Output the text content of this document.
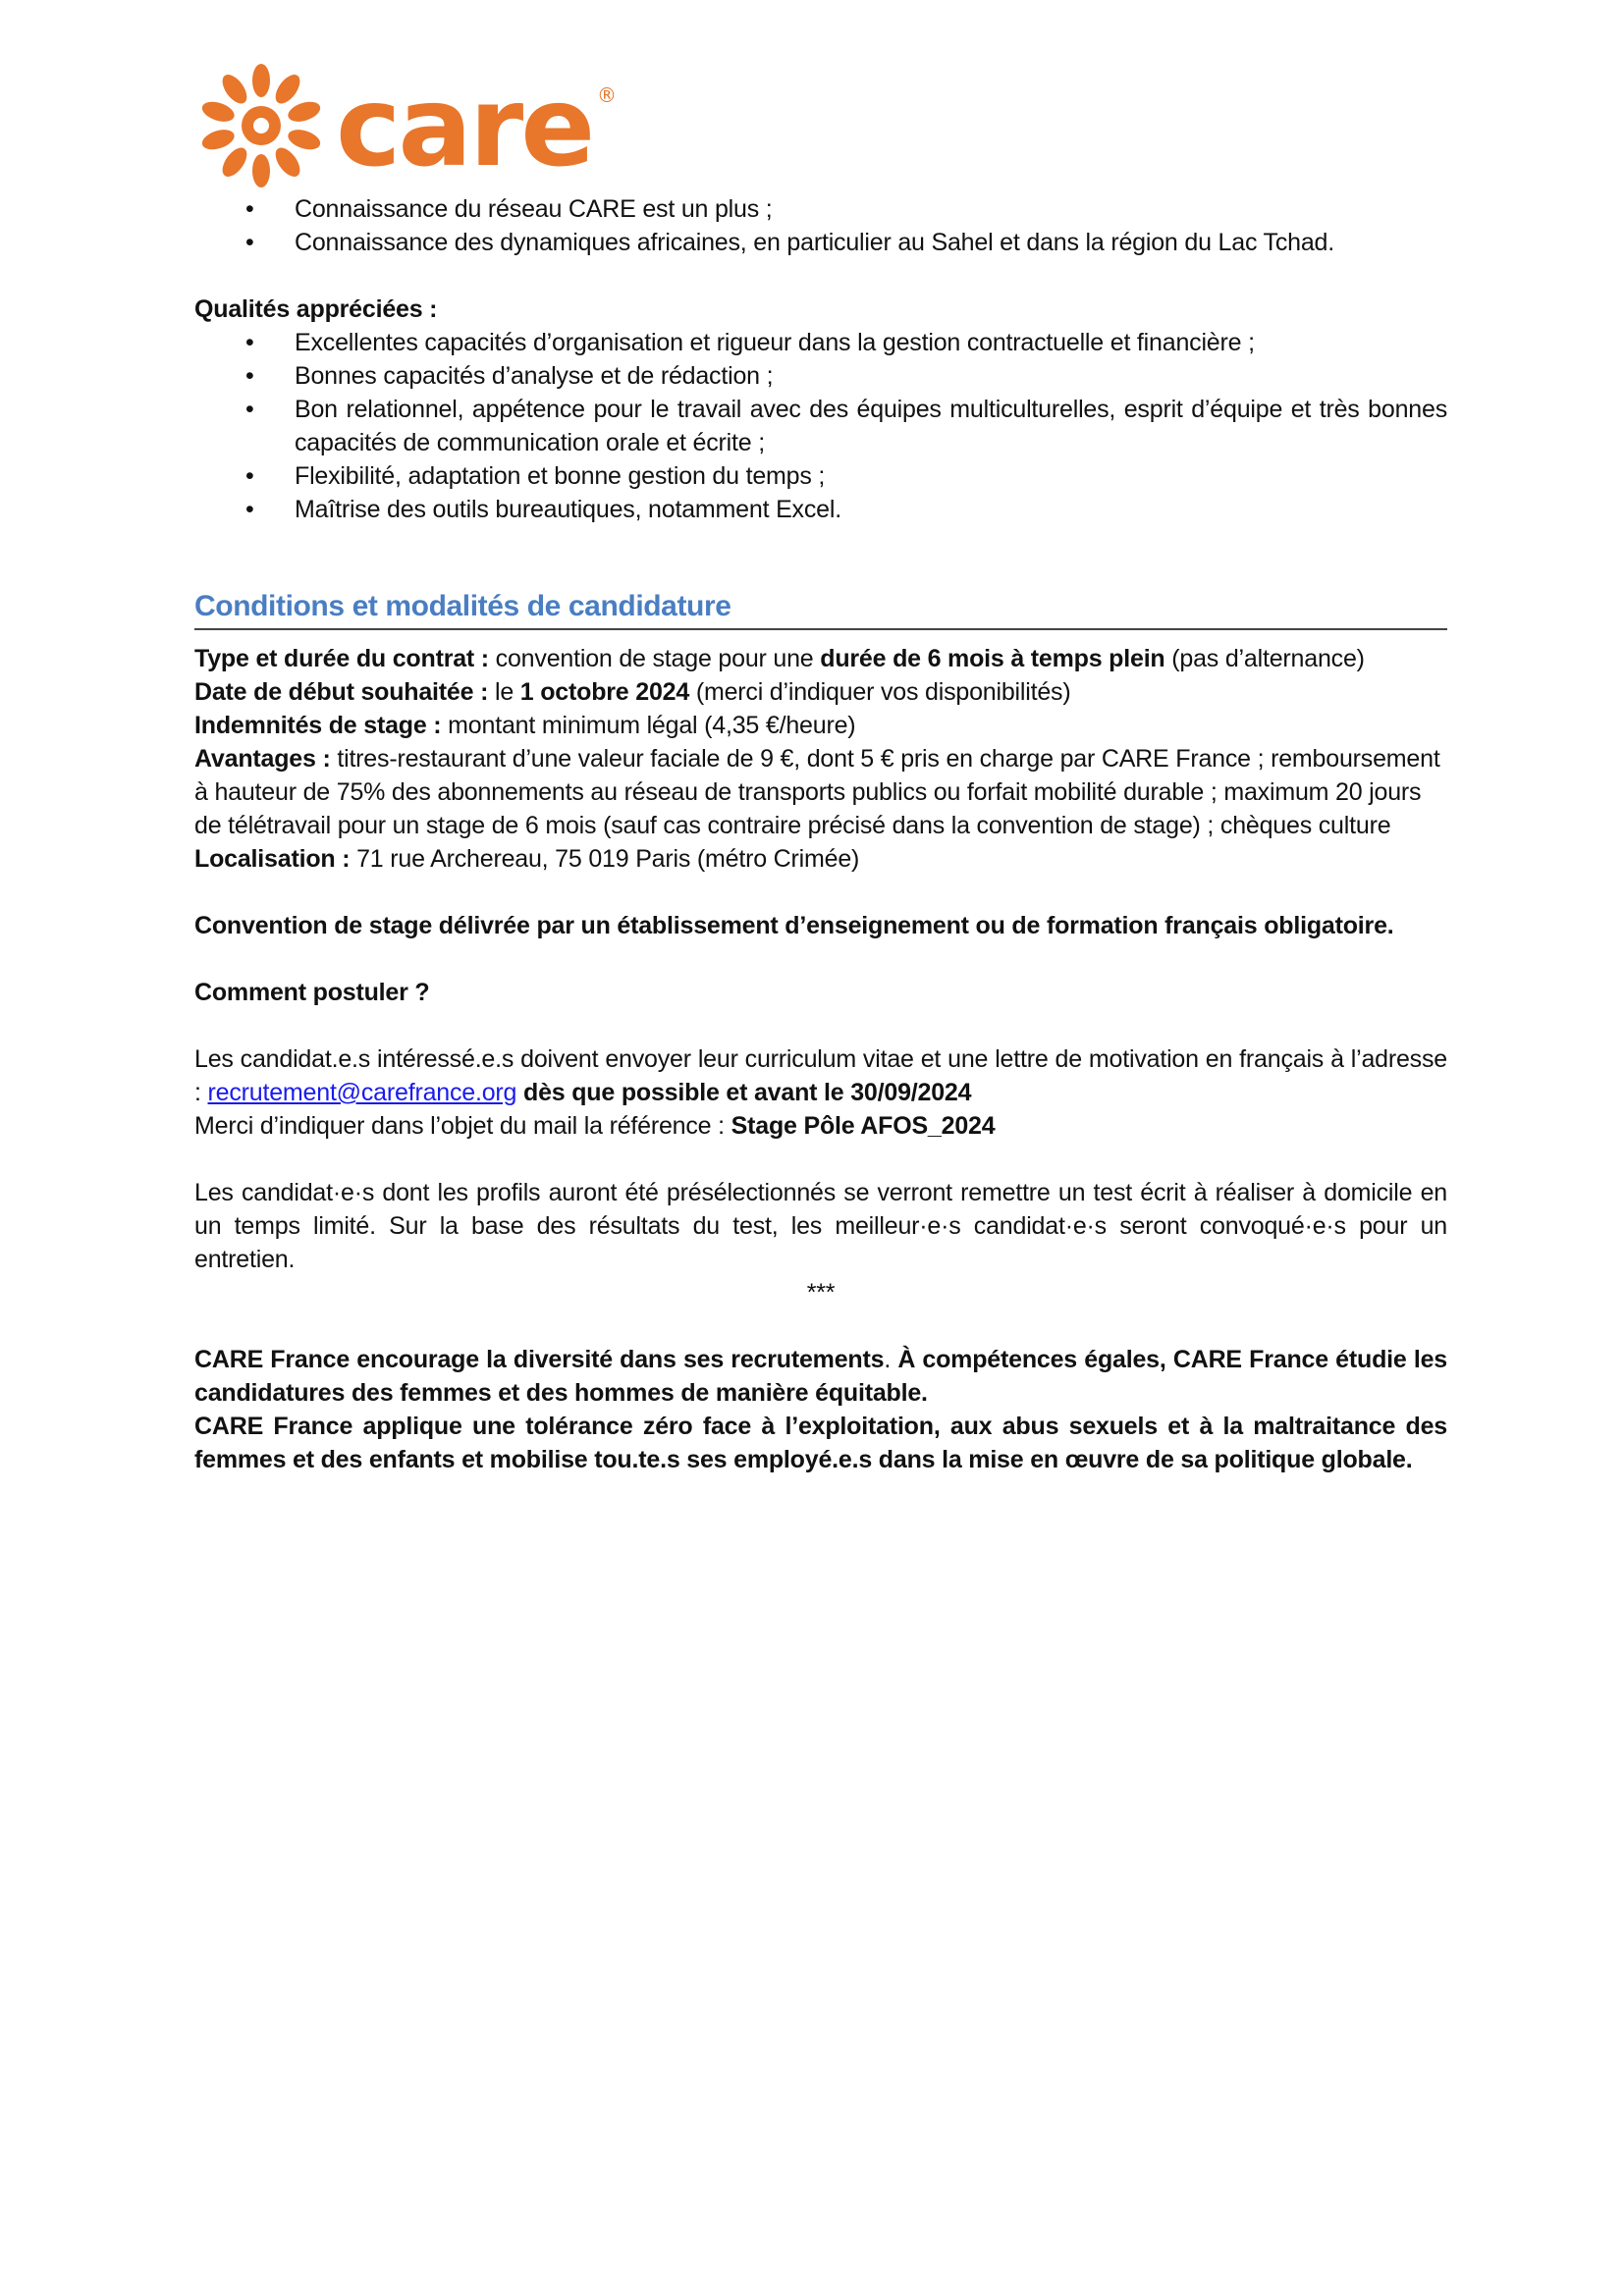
care ®
• Connaissance du réseau CARE est un plus ;
• Connaissance des dynamiques africaines, en particulier au Sahel et dans la région du Lac Tchad.

Qualités appréciées :

• Excellentes capacités d’organisation et rigueur dans la gestion contractuelle et financière ;
• Bonnes capacités d’analyse et de rédaction ;
• Bon relationnel, appétence pour le travail avec des équipes multiculturelles, esprit d’équipe et très bonnes capacités de communication orale et écrite ;
• Flexibilité, adaptation et bonne gestion du temps ;
• Maîtrise des outils bureautiques, notamment Excel.
Conditions et modalités de candidature

Type et durée du contrat : convention de stage pour une durée de 6 mois à temps plein (pas d’alternance)

Date de début souhaitée : le 1 octobre 2024 (merci d’indiquer vos disponibilités)

Indemnités de stage : montant minimum légal (4,35 €/heure)

Avantages : titres-restaurant d’une valeur faciale de 9 €, dont 5 € pris en charge par CARE France ; remboursement à hauteur de 75% des abonnements au réseau de transports publics ou forfait mobilité durable ; maximum 20 jours de télétravail pour un stage de 6 mois (sauf cas contraire précisé dans la convention de stage) ; chèques culture

Localisation : 71 rue Archereau, 75 019 Paris (métro Crimée)

Convention de stage délivrée par un établissement d’enseignement ou de formation français obligatoire.

Comment postuler ?

Les candidat.e.s intéressé.e.s doivent envoyer leur curriculum vitae et une lettre de motivation en français à l’adresse : recrutement@carefrance.org dès que possible et avant le 30/09/2024

Merci d’indiquer dans l’objet du mail la référence : Stage Pôle AFOS_2024

Les candidat·e·s dont les profils auront été présélectionnés se verront remettre un test écrit à réaliser à domicile en un temps limité. Sur la base des résultats du test, les meilleur·e·s candidat·e·s seront convoqué·e·s pour un entretien.

***

CARE France encourage la diversité dans ses recrutements. À compétences égales, CARE France étudie les candidatures des femmes et des hommes de manière équitable.

CARE France applique une tolérance zéro face à l’exploitation, aux abus sexuels et à la maltraitance des femmes et des enfants et mobilise tou.te.s ses employé.e.s dans la mise en œuvre de sa politique globale.
